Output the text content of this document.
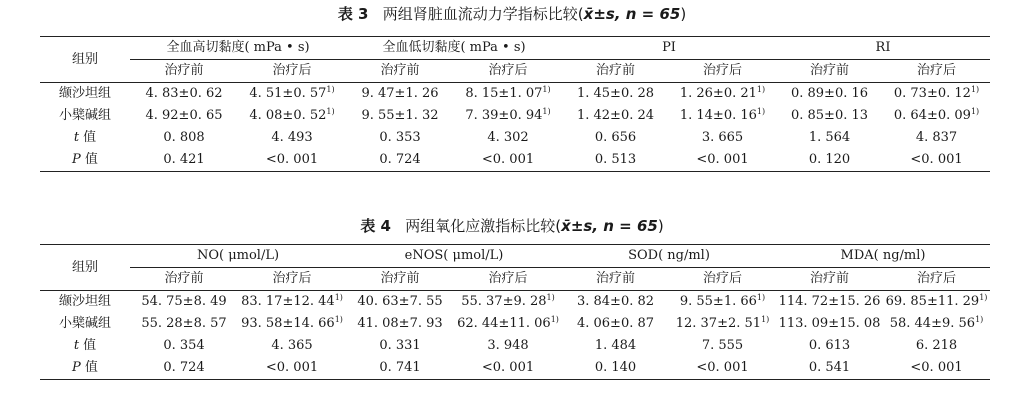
表 3 两组肾脏血流动力学指标比较(x̄±s, n = 65)
组别	全血高切黏度( mPa • s)		全血低切黏度( mPa • s)		PI		RI	
	治疗前	治疗后	治疗前	治疗后	治疗前	治疗后	治疗前	治疗后
缬沙坦组	4. 83±0. 62	4. 51±0. 57$^{1)}$	9. 47±1. 26	8. 15±1. 07$^{1)}$	1. 45±0. 28	1. 26±0. 21$^{1)}$	0. 89±0. 16	0. 73±0. 12$^{1)}$
小檗碱组	4. 92±0. 65	4. 08±0. 52$^{1)}$	9. 55±1. 32	7. 39±0. 94$^{1)}$	1. 42±0. 24	1. 14±0. 16$^{1)}$	0. 85±0. 13	0. 64±0. 09$^{1)}$
t 值	0. 808	4. 493	0. 353	4. 302	0. 656	3. 665	1. 564	4. 837
P 值	0. 421	<0. 001	0. 724	<0. 001	0. 513	<0. 001	0. 120	<0. 001
表 4 两组氧化应激指标比较(x̄±s, n = 65)
组别	NO( μmol/L)		eNOS( μmol/L)		SOD( ng/ml)		MDA( ng/ml)	
	治疗前	治疗后	治疗前	治疗后	治疗前	治疗后	治疗前	治疗后
缬沙坦组	54. 75±8. 49	83. 17±12. 44$^{1)}$	40. 63±7. 55	55. 37±9. 28$^{1)}$	3. 84±0. 82	9. 55±1. 66$^{1)}$	114. 72±15. 26	69. 85±11. 29$^{1)}$
小檗碱组	55. 28±8. 57	93. 58±14. 66$^{1)}$	41. 08±7. 93	62. 44±11. 06$^{1)}$	4. 06±0. 87	12. 37±2. 51$^{1)}$	113. 09±15. 08	58. 44±9. 56$^{1)}$
t 值	0. 354	4. 365	0. 331	3. 948	1. 484	7. 555	0. 613	6. 218
P 值	0. 724	<0. 001	0. 741	<0. 001	0. 140	<0. 001	0. 541	<0. 001
